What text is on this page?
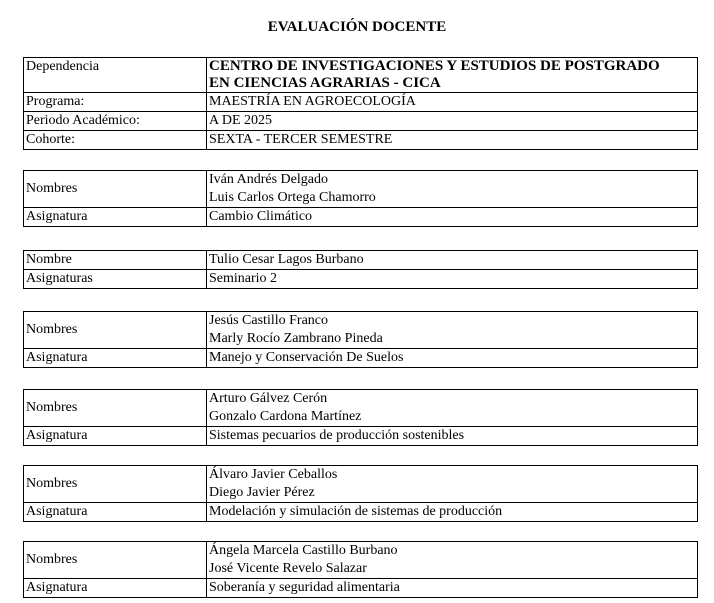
EVALUACIÓN DOCENTE
Dependencia	CENTRO DE INVESTIGACIONES Y ESTUDIOS DE POSTGRADO
EN CIENCIAS AGRARIAS - CICA

Programa:	MAESTRÍA EN AGROECOLOGÍA
Periodo Académico:	A DE 2025
Cohorte:	SEXTA - TERCER SEMESTRE
Nombres	Iván Andrés Delgado
Luis Carlos Ortega Chamorro

Asignatura	Cambio Climático
Nombre	Tulio Cesar Lagos Burbano

Asignaturas	Seminario 2
Nombres	Jesús Castillo Franco
Marly Rocío Zambrano Pineda

Asignatura	Manejo y Conservación De Suelos
Nombres	Arturo Gálvez Cerón
Gonzalo Cardona Martínez

Asignatura	Sistemas pecuarios de producción sostenibles
Nombres	Álvaro Javier Ceballos
Diego Javier Pérez

Asignatura	Modelación y simulación de sistemas de producción
Nombres	Ángela Marcela Castillo Burbano
José Vicente Revelo Salazar

Asignatura	Soberanía y seguridad alimentaria
